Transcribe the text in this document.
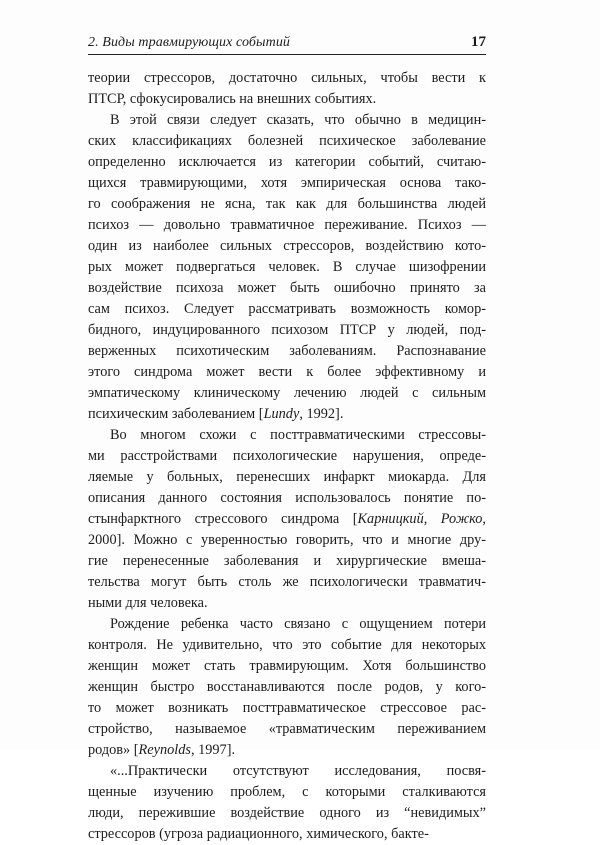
2. Виды травмирующих событий	17
теории стрессоров, достаточно сильных, чтобы вести к
ПТСР, сфокусировались на внешних событиях.
В этой связи следует сказать, что обычно в медицин-
ских классификациях болезней психическое заболевание
определенно исключается из категории событий, считаю-
щихся травмирующими, хотя эмпирическая основа тако-
го соображения не ясна, так как для большинства людей
психоз — довольно травматичное переживание. Психоз —
один из наиболее сильных стрессоров, воздействию кото-
рых может подвергаться человек. В случае шизофрении
воздействие психоза может быть ошибочно принято за
сам психоз. Следует рассматривать возможность комор-
бидного, индуцированного психозом ПТСР у людей, под-
верженных психотическим заболеваниям. Распознавание
этого синдрома может вести к более эффективному и
эмпатическому клиническому лечению людей с сильным
психическим заболеванием [Lundy, 1992].
Во многом схожи с посттравматическими стрессовы-
ми расстройствами психологические нарушения, опреде-
ляемые у больных, перенесших инфаркт миокарда. Для
описания данного состояния использовалось понятие по-
стынфарктного стрессового синдрома [Карницкий, Рожко,
2000]. Можно с уверенностью говорить, что и многие дру-
гие перенесенные заболевания и хирургические вмеша-
тельства могут быть столь же психологически травматич-
ными для человека.
Рождение ребенка часто связано с ощущением потери
контроля. Не удивительно, что это событие для некоторых
женщин может стать травмирующим. Хотя большинство
женщин быстро восстанавливаются после родов, у кого-
то может возникать посттравматическое стрессовое рас-
стройство, называемое «травматическим переживанием
родов» [Reynolds, 1997].
«...Практически отсутствуют исследования, посвя-
щенные изучению проблем, с которыми сталкиваются
люди, пережившие воздействие одного из “невидимых”
стрессоров (угроза радиационного, химического, бакте-
